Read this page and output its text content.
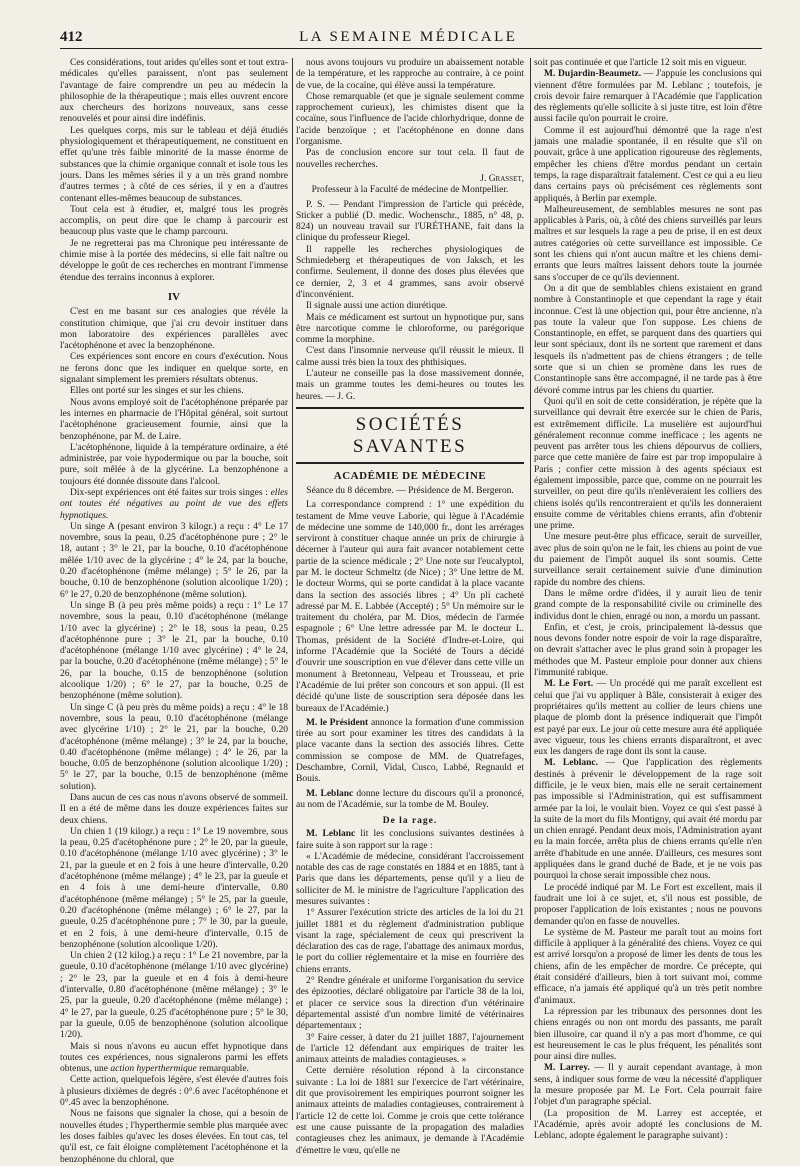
412	LA SEMAINE MÉDICALE

Ces considérations, tout arides qu'elles sont et tout extra-médicales qu'elles paraissent, n'ont pas seulement l'avantage de faire comprendre un peu au médecin la philosophie de la thérapeutique ; mais elles ouvrent encore aux chercheurs des horizons nouveaux, sans cesse renouvelés et pour ainsi dire indéfinis.

Les quelques corps, mis sur le tableau et déjà étudiés physiologiquement et thérapeutiquement, ne constituent en effet qu'une très faible minorité de la masse énorme de substances que la chimie organique connaît et isole tous les jours. Dans les mêmes séries il y a un très grand nombre d'autres termes ; à côté de ces séries, il y en a d'autres contenant elles-mêmes beaucoup de substances.

Tout cela est à étudier, et, malgré tous les progrès accomplis, on peut dire que le champ à parcourir est beaucoup plus vaste que le champ parcouru.

Je ne regretterai pas ma Chronique peu intéressante de chimie mise à la portée des médecins, si elle fait naître ou développe le goût de ces recherches en montrant l'immense étendue des terrains inconnus à explorer.

IV

C'est en me basant sur ces analogies que révèle la constitution chimique, que j'ai cru devoir instituer dans mon laboratoire des expériences parallèles avec l'acétophénone et avec la benzophénone.

Ces expériences sont encore en cours d'exécution. Nous ne ferons donc que les indiquer en quelque sorte, en signalant simplement les premiers résultats obtenus.

Elles ont porté sur les singes et sur les chiens.

Nous avons employé soit de l'acétophénone préparée par les internes en pharmacie de l'Hôpital général, soit surtout l'acétophénone gracieusement fournie, ainsi que la benzophénone, par M. de Laire.

L'acétophénone, liquide à la température ordinaire, a été administrée, par voie hypodermique ou par la bouche, soit pure, soit mêlée à de la glycérine. La benzophénone a toujours été donnée dissoute dans l'alcool.

Dix-sept expériences ont été faites sur trois singes : elles ont toutes été négatives au point de vue des effets hypnotiques.

Un singe A (pesant environ 3 kilogr.) a reçu : 4° Le 17 novembre, sous la peau, 0.25 d'acétophénone pure ; 2° le 18, autant ; 3° le 21, par la bouche, 0.10 d'acétophénone mêlée 1/10 avec de la glycérine ; 4° le 24, par la bouche, 0.20 d'acétophénone (même mélange) ; 5° le 26, par la bouche, 0.10 de benzophénone (solution alcoolique 1/20) ; 6° le 27, 0.20 de benzophénone (même solution).

Un singe B (à peu près même poids) a reçu : 1° Le 17 novembre, sous la peau, 0.10 d'acétophénone (mélange 1/10 avec la glycérine) ; 2° le 18, sous la peau, 0.25 d'acétophénone pure ; 3° le 21, par la bouche, 0.10 d'acétophénone (mélange 1/10 avec glycérine) ; 4° le 24, par la bouche, 0.20 d'acétophénone (même mélange) ; 5° le 26, par la bouche, 0.15 de benzophénone (solution alcoolique 1/20) ; 6° le 27, par la bouche, 0.25 de benzophénone (même solution).

Un singe C (à peu près du même poids) a reçu : 4° le 18 novembre, sous la peau, 0.10 d'acétophénone (mélange avec glycérine 1/10) ; 2° le 21, par la bouche, 0.20 d'acétophénone (même mélange) ; 3° le 24, par la bouche, 0.40 d'acétophénone (même mélange) ; 4° le 26, par la bouche, 0.05 de benzophénone (solution alcoolique 1/20) ; 5° le 27, par la bouche, 0.15 de benzophénone (même solution).

Dans aucun de ces cas nous n'avons observé de sommeil. Il en a été de même dans les douze expériences faites sur deux chiens.

Un chien 1 (19 kilogr.) a reçu : 1° Le 19 novembre, sous la peau, 0.25 d'acétophénone pure ; 2° le 20, par la gueule, 0.10 d'acétophénone (mélange 1/10 avec glycérine) ; 3° le 21, par la gueule et en 2 fois à une heure d'intervalle, 0.20 d'acétophénone (même mélange) ; 4° le 23, par la gueule et en 4 fois à une demi-heure d'intervalle, 0.80 d'acétophénone (même mélange) ; 5° le 25, par la gueule, 0.20 d'acétophénone (même mélange) ; 6° le 27, par la gueule, 0.25 d'acétophénone pure ; 7° le 30, par la gueule, et en 2 fois, à une demi-heure d'intervalle, 0.15 de benzophénone (solution alcoolique 1/20).

Un chien 2 (12 kilog.) a reçu : 1° Le 21 novembre, par la gueule, 0.10 d'acétophénone (mélange 1/10 avec glycérine) ; 2° le 23, par la gueule et en 4 fois à demi-heure d'intervalle, 0.80 d'acétophénone (même mélange) ; 3° le 25, par la gueule, 0.20 d'acétophénone (même mélange) ; 4° le 27, par la gueule, 0.25 d'acétophénone pure ; 5° le 30, par la gueule, 0.05 de benzophénone (solution alcoolique 1/20).

Mais si nous n'avons eu aucun effet hypnotique dans toutes ces expériences, nous signalerons parmi les effets obtenus, une action hyperthermique remarquable.

Cette action, quelquefois légère, s'est élevée d'autres fois à plusieurs dixièmes de degrés : 0°.6 avec l'acétophénone et 0°.45 avec la benzophénone.

Nous ne faisons que signaler la chose, qui a besoin de nouvelles études ; l'hyperthermie semble plus marquée avec les doses faibles qu'avec les doses élevées. En tout cas, tel qu'il est, ce fait éloigne complètement l'acétophénone et la benzophénone du chloral, que

nous avons toujours vu produire un abaissement notable de la température, et les rapproche au contraire, à ce point de vue, de la cocaïne, qui élève aussi la température.

Chose remarquable (et que je signale seulement comme rapprochement curieux), les chimistes disent que la cocaïne, sous l'influence de l'acide chlorhydrique, donne de l'acide benzoïque ; et l'acétophénone en donne dans l'organisme.

Pas de conclusion encore sur tout cela. Il faut de nouvelles recherches.

J. Grasset,

Professeur à la Faculté de médecine de Montpellier.

P. S. — Pendant l'impression de l'article qui précède, Sticker a publié (D. medic. Wochenschr., 1885, n° 48, p. 824) un nouveau travail sur l'URÉTHANE, fait dans la clinique du professeur Riegel.

Il rappelle les recherches physiologiques de Schmiedeberg et thérapeutiques de von Jaksch, et les confirme. Seulement, il donne des doses plus élevées que ce dernier, 2, 3 et 4 grammes, sans avoir observé d'inconvénient.

Il signale aussi une action diurétique.

Mais ce médicament est surtout un hypnotique pur, sans être narcotique comme le chloroforme, ou parégorique comme la morphine.

C'est dans l'insomnie nerveuse qu'il réussit le mieux. Il calme aussi très bien la toux des phthisiques.

L'auteur ne conseille pas la dose massivement donnée, mais un gramme toutes les demi-heures ou toutes les heures. — J. G.

SOCIÉTÉS SAVANTES
ACADÉMIE DE MÉDECINE

Séance du 8 décembre. — Présidence de M. Bergeron.

La correspondance comprend : 1° une expédition du testament de Mme veuve Laborie, qui lègue à l'Académie de médecine une somme de 140,000 fr., dont les arrérages serviront à constituer chaque année un prix de chirurgie à décerner à l'auteur qui aura fait avancer notablement cette partie de la science médicale ; 2° Une note sur l'eucalyptol, par M. le docteur Schmeltz (de Nice) ; 3° Une lettre de M. le docteur Worms, qui se porte candidat à la place vacante dans la section des associés libres ; 4° Un pli cacheté adressé par M. E. Labbée (Accepté) ; 5° Un mémoire sur le traitement du choléra, par M. Dios, médecin de l'armée espagnole ; 6° Une lettre adressée par M. le docteur L. Thomas, président de la Société d'Indre-et-Loire, qui informe l'Académie que la Société de Tours a décidé d'ouvrir une souscription en vue d'élever dans cette ville un monument à Bretonneau, Velpeau et Trousseau, et prie l'Académie de lui prêter son concours et son appui. (Il est décidé qu'une liste de souscription sera déposée dans les bureaux de l'Académie.)

M. le Président annonce la formation d'une commission tirée au sort pour examiner les titres des candidats à la place vacante dans la section des associés libres. Cette commission se compose de MM. de Quatrefages, Deschambre, Cornil, Vidal, Cusco, Labbé, Regnauld et Bouis.

M. Leblanc donne lecture du discours qu'il a prononcé, au nom de l'Académie, sur la tombe de M. Bouley.

De la rage.

M. Leblanc lit les conclusions suivantes destinées à faire suite à son rapport sur la rage :

« L'Académie de médecine, considérant l'accroissement notable des cas de rage constatés en 1884 et en 1885, tant à Paris que dans les départements, pense qu'il y a lieu de solliciter de M. le ministre de l'agriculture l'application des mesures suivantes :

1° Assurer l'exécution stricte des articles de la loi du 21 juillet 1881 et du règlement d'administration publique visant la rage, spécialement de ceux qui prescrivent la déclaration des cas de rage, l'abattage des animaux mordus, le port du collier réglementaire et la mise en fourrière des chiens errants.

2° Rendre générale et uniforme l'organisation du service des épizooties, déclaré obligatoire par l'article 38 de la loi, et placer ce service sous la direction d'un vétérinaire départemental assisté d'un nombre limité de vétérinaires départementaux ;

3° Faire cesser, à dater du 21 juillet 1887, l'ajournement de l'article 12 défendant aux empiriques de traiter les animaux atteints de maladies contagieuses. »

Cette dernière résolution répond à la circonstance suivante : La loi de 1881 sur l'exercice de l'art vétérinaire, dit que provisoirement les empiriques pourront soigner les animaux atteints de maladies contagieuses, contrairement à l'article 12 de cette loi. Comme je crois que cette tolérance est une cause puissante de la propagation des maladies contagieuses chez les animaux, je demande à l'Académie d'émettre le vœu, qu'elle ne

soit pas continuée et que l'article 12 soit mis en vigueur.

M. Dujardin-Beaumetz. — J'appuie les conclusions qui viennent d'être formulées par M. Leblanc ; toutefois, je crois devoir faire remarquer à l'Académie que l'application des règlements qu'elle sollicite à si juste titre, est loin d'être aussi facile qu'on pourrait le croire.

Comme il est aujourd'hui démontré que la rage n'est jamais une maladie spontanée, il en résulte que s'il on pouvait, grâce à une application rigoureuse des règlements, empêcher les chiens d'être mordus pendant un certain temps, la rage disparaîtrait fatalement. C'est ce qui a eu lieu dans certains pays où précisément ces règlements sont appliqués, à Berlin par exemple.

Malheureusement, de semblables mesures ne sont pas applicables à Paris, où, à côté des chiens surveillés par leurs maîtres et sur lesquels la rage a peu de prise, il en est deux autres catégories où cette surveillance est impossible. Ce sont les chiens qui n'ont aucun maître et les chiens demi-errants que leurs maîtres laissent dehors toute la journée sans s'occuper de ce qu'ils deviennent.

On a dit que de semblables chiens existaient en grand nombre à Constantinople et que cependant la rage y était inconnue. C'est là une objection qui, pour être ancienne, n'a pas toute la valeur que l'on suppose. Les chiens de Constantinople, en effet, se parquent dans des quartiers qui leur sont spéciaux, dont ils ne sortent que rarement et dans lesquels ils n'admettent pas de chiens étrangers ; de telle sorte que si un chien se promène dans les rues de Constantinople sans être accompagné, il ne tarde pas à être dévoré comme intrus par les chiens du quartier.

Quoi qu'il en soit de cette considération, je répète que la surveillance qui devrait être exercée sur le chien de Paris, est extrêmement difficile. La muselière est aujourd'hui généralement reconnue comme inefficace ; les agents ne peuvent pas arrêter tous les chiens dépourvus de colliers, parce que cette manière de faire est par trop impopulaire à Paris ; confier cette mission à des agents spéciaux est également impossible, parce que, comme on ne pourrait les surveiller, on peut dire qu'ils n'enlèveraient les colliers des chiens isolés qu'ils rencontreraient et qu'ils les donneraient ensuite comme de véritables chiens errants, afin d'obtenir une prime.

Une mesure peut-être plus efficace, serait de surveiller, avec plus de soin qu'on ne le fait, les chiens au point de vue du paiement de l'impôt auquel ils sont soumis. Cette surveillance serait certainement suivie d'une diminution rapide du nombre des chiens.

Dans le même ordre d'idées, il y aurait lieu de tenir grand compte de la responsabilité civile ou criminelle des individus dont le chien, enragé ou non, a mordu un passant.

Enfin, et c'est, je crois, principalement là-dessus que nous devons fonder notre espoir de voir la rage disparaître, on devrait s'attacher avec le plus grand soin à propager les méthodes que M. Pasteur emploie pour donner aux chiens l'immunité rabique.

M. Le Fort. — Un procédé qui me paraît excellent est celui que j'ai vu appliquer à Bâle, consisterait à exiger des propriétaires qu'ils mettent au collier de leurs chiens une plaque de plomb dont la présence indiquerait que l'impôt est payé par eux. Le jour où cette mesure aura été appliquée avec vigueur, tous les chiens errants disparaîtront, et avec eux les dangers de rage dont ils sont la cause.

M. Leblanc. — Que l'application des règlements destinés à prévenir le développement de la rage soit difficile, je le veux bien, mais elle ne serait certainement pas impossible si l'Administration, qui est suffisamment armée par la loi, le voulait bien. Voyez ce qui s'est passé à la suite de la mort du fils Montigny, qui avait été mordu par un chien enragé. Pendant deux mois, l'Administration ayant eu la main forcée, arrêta plus de chiens errants qu'elle n'en arrête d'habitude en une année. D'ailleurs, ces mesures sont appliquées dans le grand duché de Bade, et je ne vois pas pourquoi la chose serait impossible chez nous.

Le procédé indiqué par M. Le Fort est excellent, mais il faudrait une loi à ce sujet, et, s'il nous est possible, de proposer l'application de lois existantes ; nous ne pouvons demander qu'on en fasse de nouvelles.

Le système de M. Pasteur me paraît tout au moins fort difficile à appliquer à la généralité des chiens. Voyez ce qui est arrivé lorsqu'on a proposé de limer les dents de tous les chiens, afin de les empêcher de mordre. Ce précepte, qui était considéré d'ailleurs, bien à tort suivant moi, comme efficace, n'a jamais été appliqué qu'à un très petit nombre d'animaux.

La répression par les tribunaux des personnes dont les chiens enragés ou non ont mordu des passants, me paraît bien illusoire, car quand il n'y a pas mort d'homme, ce qui est heureusement le cas le plus fréquent, les pénalités sont pour ainsi dire nulles.

M. Larrey. — Il y aurait cependant avantage, à mon sens, à indiquer sous forme de vœu la nécessité d'appliquer la mesure proposée par M. Le Fort. Cela pourrait faire l'objet d'un paragraphe spécial.

(La proposition de M. Larrey est acceptée, et l'Académie, après avoir adopté les conclusions de M. Leblanc, adopte également le paragraphe suivant) :
